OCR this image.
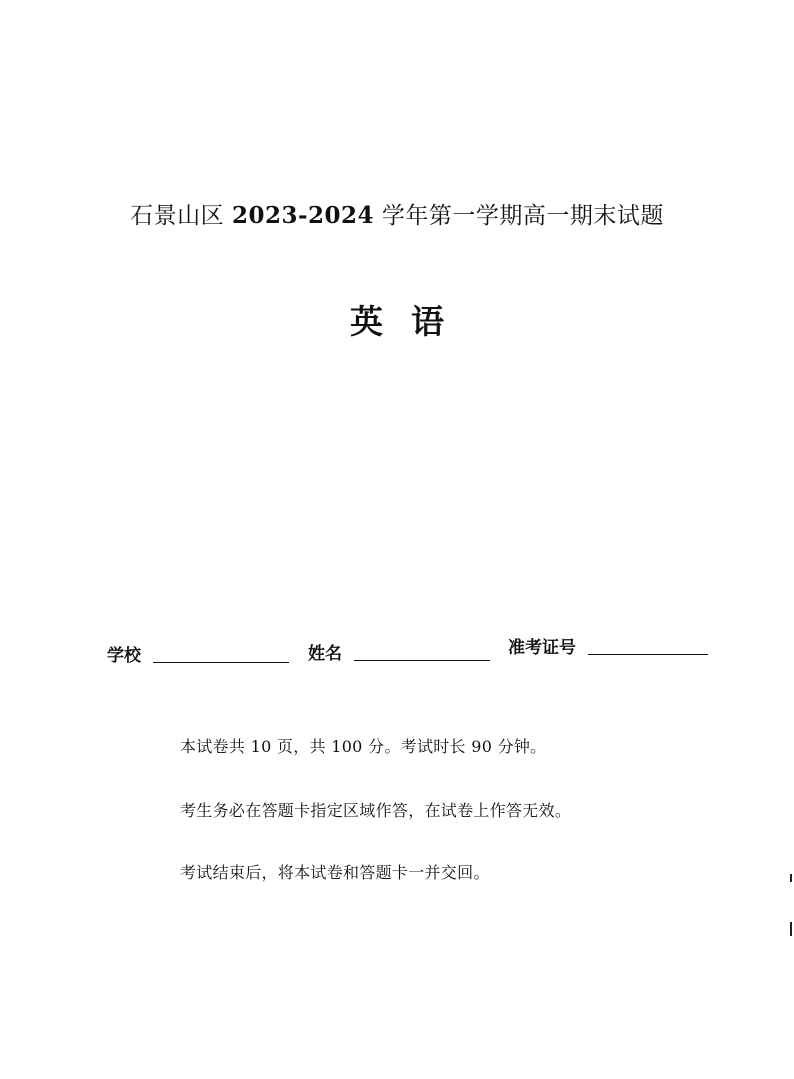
石景山区 2023-2024 学年第一学期高一期末试题
英语
学校	姓名	准考证号
本试卷共 10 页，共 100 分。考试时长 90 分钟。
考生务必在答题卡指定区域作答，在试卷上作答无效。
考试结束后，将本试卷和答题卡一并交回。
